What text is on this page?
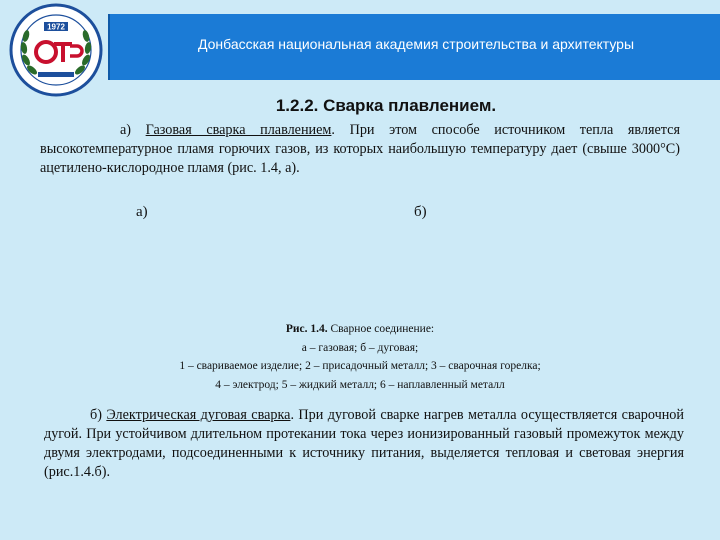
Донбасская национальная академия строительства и архитектуры
1972
1.2.2. Сварка плавлением.
а) Газовая сварка плавлением. При этом способе источником тепла является высокотемпературное пламя горючих газов, из которых наибольшую температуру дает (свыше 3000°С) ацетилено-кислородное пламя (рис. 1.4, а).
а)	б)
Рис. 1.4. Сварное соединение:
а – газовая; б – дуговая;
1 – свариваемое изделие; 2 – присадочный металл; 3 – сварочная горелка;
4 – электрод; 5 – жидкий металл; 6 – наплавленный металл
б) Электрическая дуговая сварка. При дуговой сварке нагрев металла осуществляется сварочной дугой. При устойчивом длительном протекании тока через ионизированный газовый промежуток между двумя электродами, подсоединенными к источнику питания, выделяется тепловая и световая энергия (рис.1.4.б).
